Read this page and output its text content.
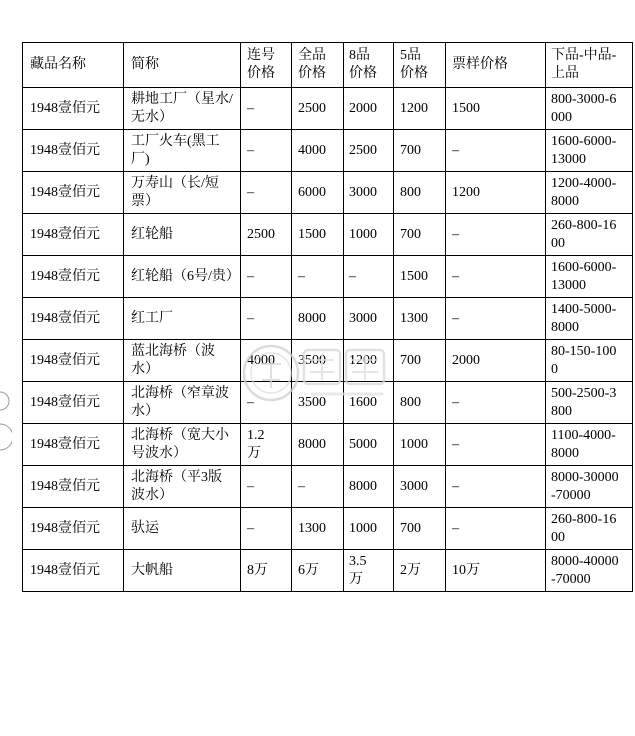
藏品名称	简称	连号价格	全品价格	8品价格	5品价格	票样价格	下品-中品-上品
1948壹佰元	耕地工厂（星水/无水）	–	2500	2000	1200	1500	800-3000-6000
1948壹佰元	工厂火车(黑工厂)	–	4000	2500	700	–	1600-6000-13000
1948壹佰元	万寿山（长/短票）	–	6000	3000	800	1200	1200-4000-8000
1948壹佰元	红轮船	2500	1500	1000	700	–	260-800-1600
1948壹佰元	红轮船（6号/贵）	–	–	–	1500	–	1600-6000-13000
1948壹佰元	红工厂	–	8000	3000	1300	–	1400-5000-8000
1948壹佰元	蓝北海桥（波水）	4000	3500	1200	700	2000	80-150-1000
1948壹佰元	北海桥（窄章波水）	–	3500	1600	800	–	500-2500-3800
1948壹佰元	北海桥（宽大小号波水）	1.2万	8000	5000	1000	–	1100-4000-8000
1948壹佰元	北海桥（平3版波水）	–	–	8000	3000	–	8000-30000-70000
1948壹佰元	驮运	–	1300	1000	700	–	260-800-1600
1948壹佰元	大帆船	8万	6万	3.5万	2万	10万	8000-40000-70000
